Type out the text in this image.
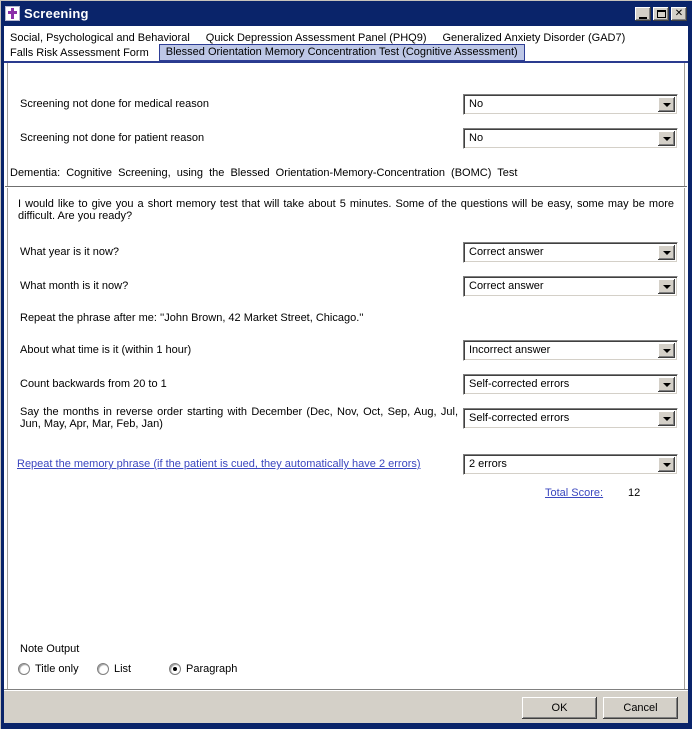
Screening	✕
Social, Psychological and Behavioral Quick Depression Assessment Panel (PHQ9) Generalized Anxiety Disorder (GAD7)
Falls Risk Assessment Form	Blessed Orientation Memory Concentration Test (Cognitive Assessment)
Screening not done for medical reason	No
Screening not done for patient reason	No
Dementia: Cognitive Screening, using the Blessed Orientation-Memory-Concentration (BOMC) Test
I would like to give you a short memory test that will take about 5 minutes. Some of the questions will be easy, some may be more difficult. Are you ready?
What year is it now?	Correct answer
What month is it now?	Correct answer
Repeat the phrase after me: ''John Brown, 42 Market Street, Chicago.''
About what time is it (within 1 hour)	Incorrect answer
Count backwards from 20 to 1	Self-corrected errors
Say the months in reverse order starting with December (Dec, Nov, Oct, Sep, Aug, Jul, Jun, May, Apr, Mar, Feb, Jan)	Self-corrected errors
Repeat the memory phrase (if the patient is cued, they automatically have 2 errors)	2 errors
Total Score: 12
Note Output
Title only	List	Paragraph
OK	Cancel
